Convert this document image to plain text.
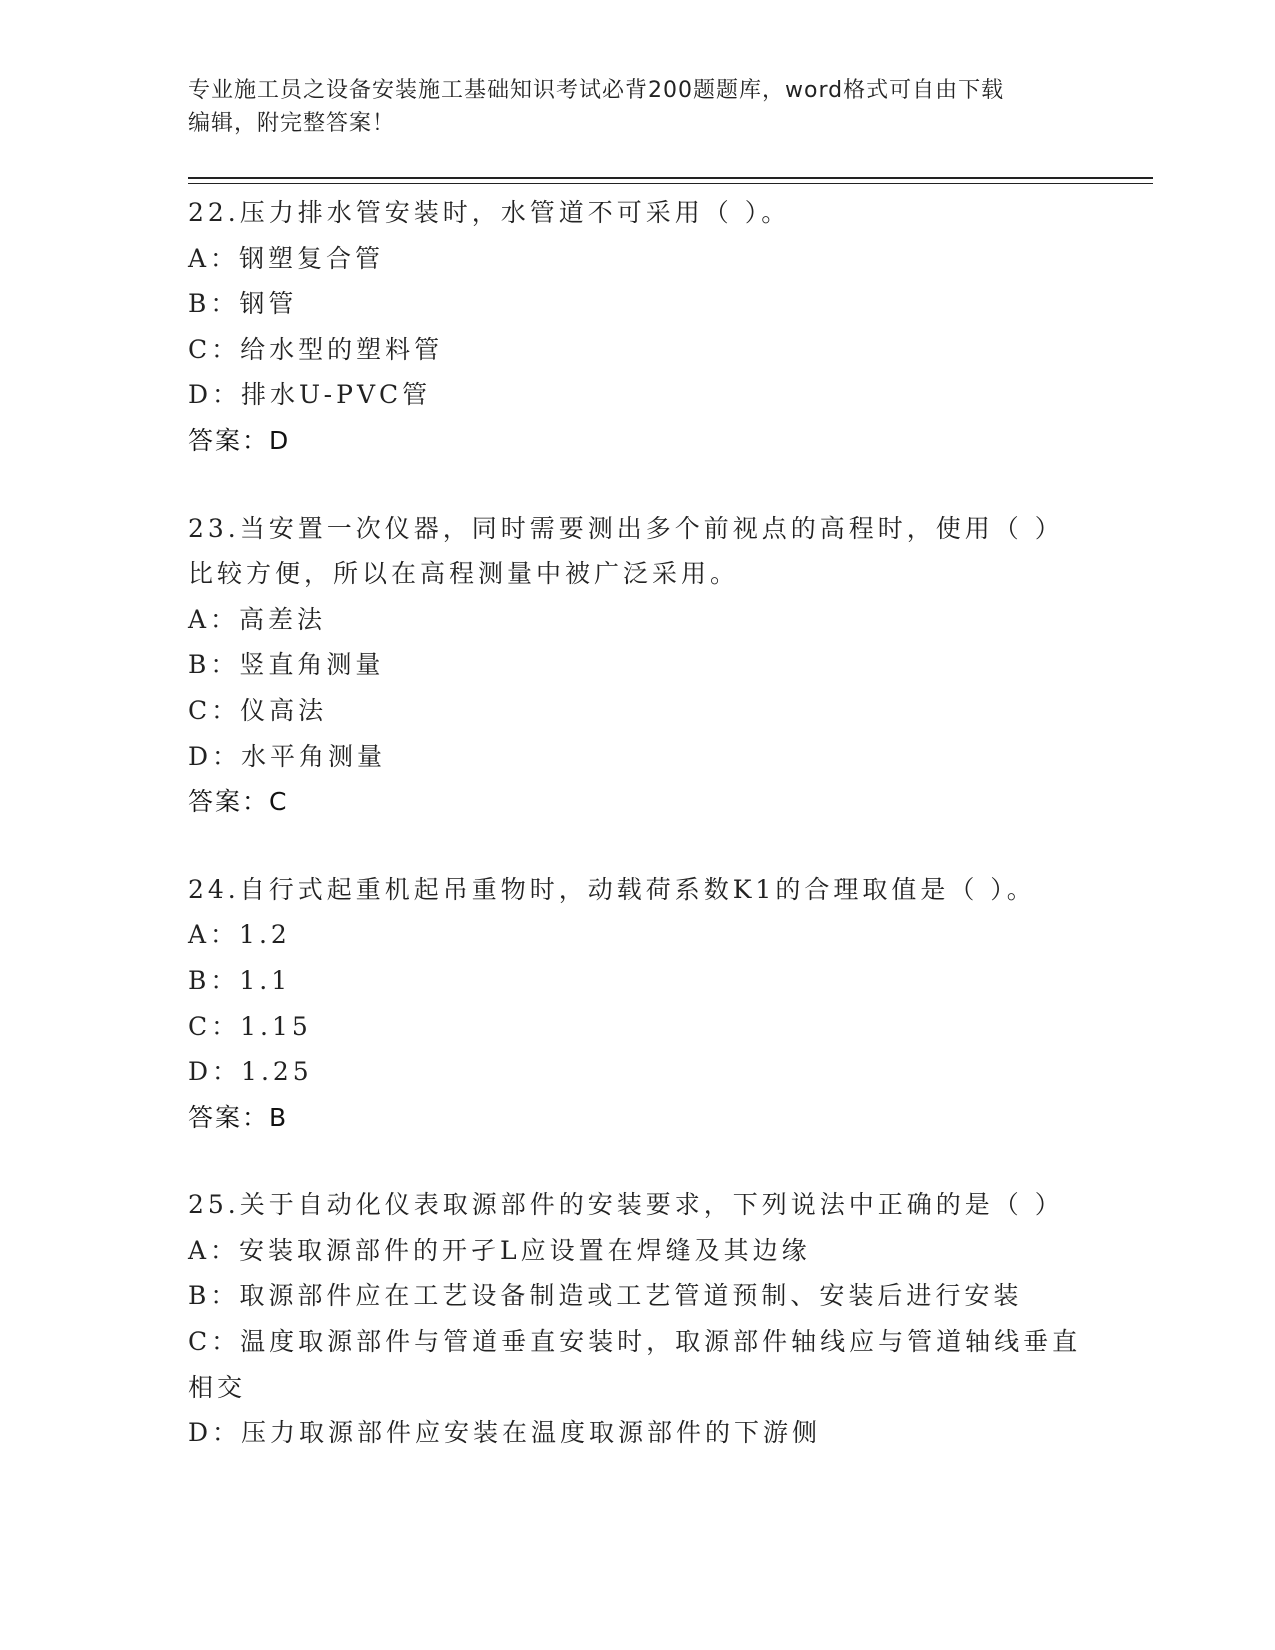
专业施工员之设备安装施工基础知识考试必背200题题库，word格式可自由下载
编辑，附完整答案！
22.压力排水管安装时，水管道不可采用（ ）。
A：钢塑复合管
B：钢管
C：给水型的塑料管
D：排水U-PVC管
答案：D
23.当安置一次仪器，同时需要测出多个前视点的高程时，使用（ ）
比较方便，所以在高程测量中被广泛采用。
A：高差法
B：竖直角测量
C：仪高法
D：水平角测量
答案：C
24.自行式起重机起吊重物时，动载荷系数K1的合理取值是（ ）。
A：1.2
B：1.1
C：1.15
D：1.25
答案：B
25.关于自动化仪表取源部件的安装要求，下列说法中正确的是（ ）
A：安装取源部件的开孑L应设置在焊缝及其边缘
B：取源部件应在工艺设备制造或工艺管道预制、安装后进行安装
C：温度取源部件与管道垂直安装时，取源部件轴线应与管道轴线垂直
相交
D：压力取源部件应安装在温度取源部件的下游侧
